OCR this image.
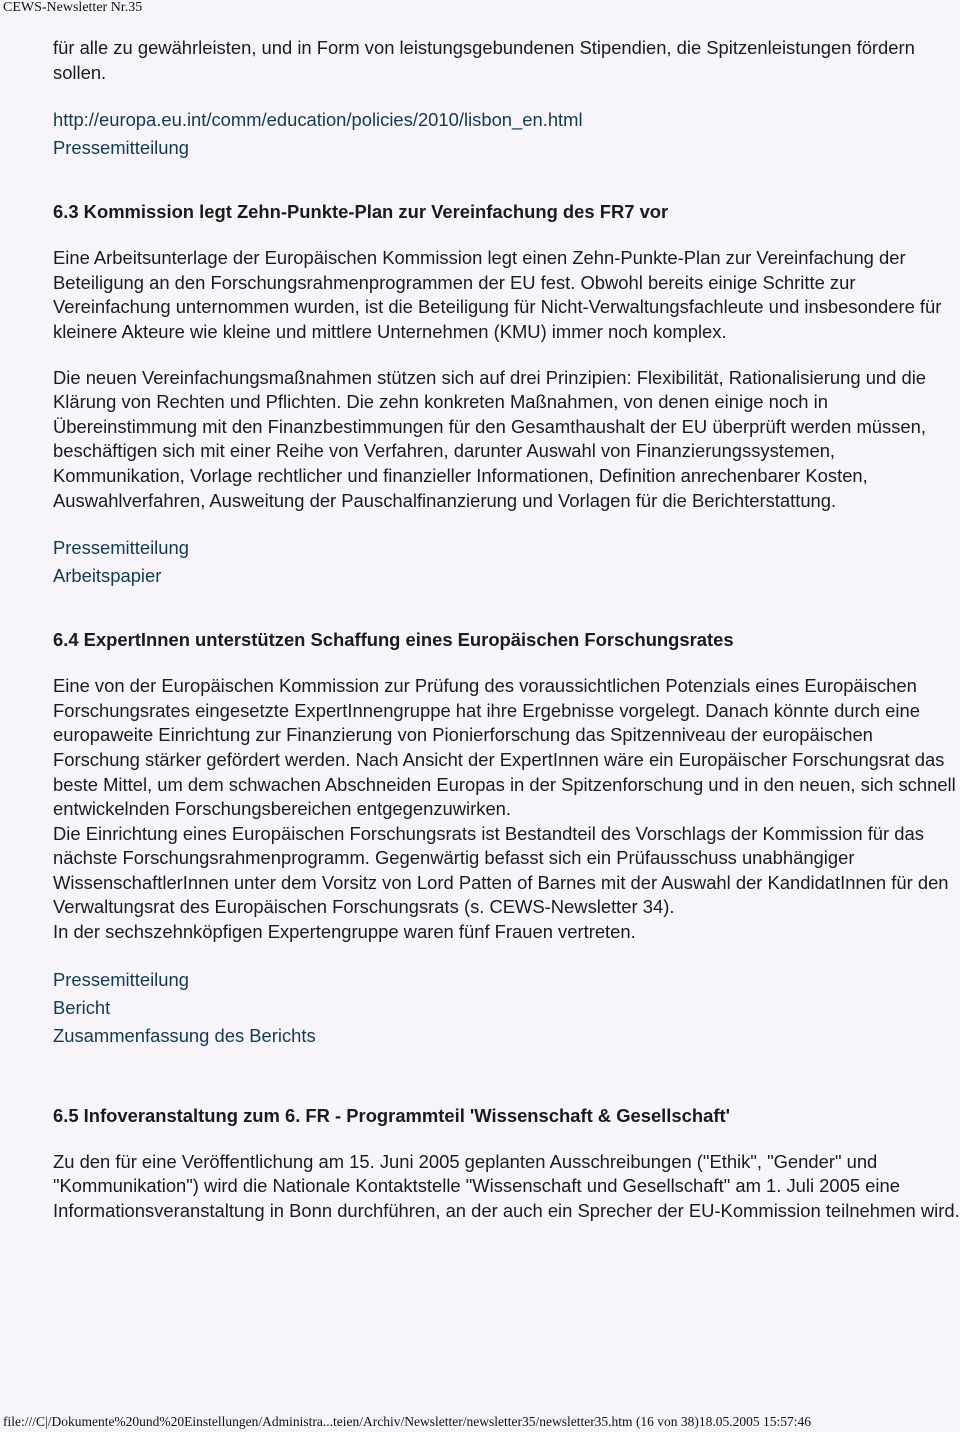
CEWS-Newsletter Nr.35

für alle zu gewährleisten, und in Form von leistungsgebundenen Stipendien, die Spitzenleistungen fördern sollen.

http://europa.eu.int/comm/education/policies/2010/lisbon_en.html
Pressemitteilung
6.3 Kommission legt Zehn-Punkte-Plan zur Vereinfachung des FR7 vor

Eine Arbeitsunterlage der Europäischen Kommission legt einen Zehn-Punkte-Plan zur Vereinfachung der Beteiligung an den Forschungsrahmenprogrammen der EU fest. Obwohl bereits einige Schritte zur Vereinfachung unternommen wurden, ist die Beteiligung für Nicht-Verwaltungsfachleute und insbesondere für kleinere Akteure wie kleine und mittlere Unternehmen (KMU) immer noch komplex.

Die neuen Vereinfachungsmaßnahmen stützen sich auf drei Prinzipien: Flexibilität, Rationalisierung und die Klärung von Rechten und Pflichten. Die zehn konkreten Maßnahmen, von denen einige noch in Übereinstimmung mit den Finanzbestimmungen für den Gesamthaushalt der EU überprüft werden müssen, beschäftigen sich mit einer Reihe von Verfahren, darunter Auswahl von Finanzierungssystemen, Kommunikation, Vorlage rechtlicher und finanzieller Informationen, Definition anrechenbarer Kosten, Auswahlverfahren, Ausweitung der Pauschalfinanzierung und Vorlagen für die Berichterstattung.

Pressemitteilung
Arbeitspapier
6.4 ExpertInnen unterstützen Schaffung eines Europäischen Forschungsrates

Eine von der Europäischen Kommission zur Prüfung des voraussichtlichen Potenzials eines Europäischen Forschungsrates eingesetzte ExpertInnengruppe hat ihre Ergebnisse vorgelegt. Danach könnte durch eine europaweite Einrichtung zur Finanzierung von Pionierforschung das Spitzenniveau der europäischen Forschung stärker gefördert werden. Nach Ansicht der ExpertInnen wäre ein Europäischer Forschungsrat das beste Mittel, um dem schwachen Abschneiden Europas in der Spitzenforschung und in den neuen, sich schnell entwickelnden Forschungsbereichen entgegenzuwirken.

Die Einrichtung eines Europäischen Forschungsrats ist Bestandteil des Vorschlags der Kommission für das nächste Forschungsrahmenprogramm. Gegenwärtig befasst sich ein Prüfausschuss unabhängiger WissenschaftlerInnen unter dem Vorsitz von Lord Patten of Barnes mit der Auswahl der KandidatInnen für den Verwaltungsrat des Europäischen Forschungsrats (s. CEWS-Newsletter 34).

In der sechszehnköpfigen Expertengruppe waren fünf Frauen vertreten.

Pressemitteilung
Bericht
Zusammenfassung des Berichts
6.5 Infoveranstaltung zum 6. FR - Programmteil 'Wissenschaft & Gesellschaft'

Zu den für eine Veröffentlichung am 15. Juni 2005 geplanten Ausschreibungen ("Ethik", "Gender" und "Kommunikation") wird die Nationale Kontaktstelle "Wissenschaft und Gesellschaft" am 1. Juli 2005 eine Informationsveranstaltung in Bonn durchführen, an der auch ein Sprecher der EU-Kommission teilnehmen wird.

file:///C|/Dokumente%20und%20Einstellungen/Administra...teien/Archiv/Newsletter/newsletter35/newsletter35.htm (16 von 38)18.05.2005 15:57:46
